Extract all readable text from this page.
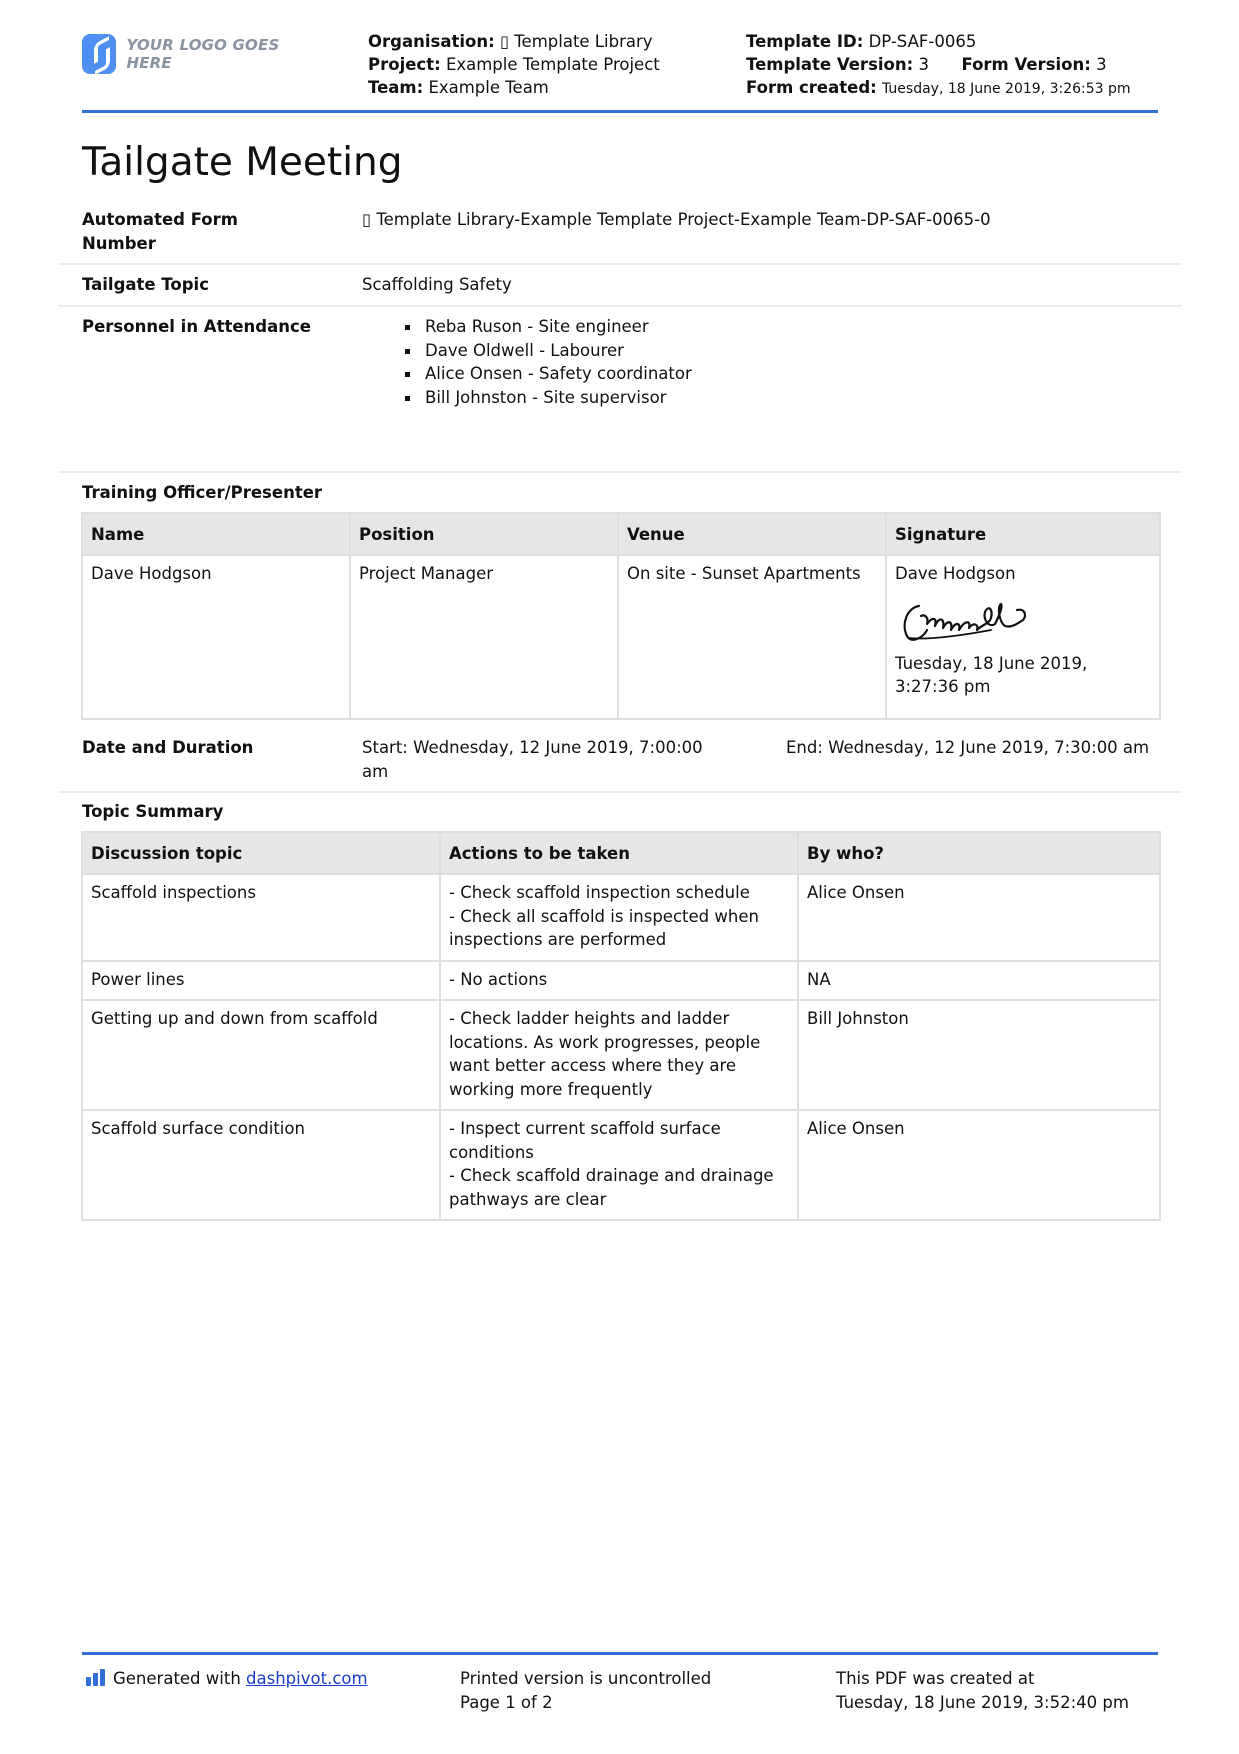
YOUR LOGO GOES HERE
Organisation: ▯ Template Library
Project: Example Template Project
Team: Example Team
Template ID: DP-SAF-0065
Template Version: 3 Form Version: 3
Form created: Tuesday, 18 June 2019, 3:26:53 pm
Tailgate Meeting
Automated Form Number
▯ Template Library-Example Template Project-Example Team-DP-SAF-0065-0
Tailgate Topic	Scaffolding Safety
Personnel in Attendance	Reba Ruson - Site engineer
Dave Oldwell - Labourer
Alice Onsen - Safety coordinator
Bill Johnston - Site supervisor
Training Officer/Presenter
Name	Position	Venue	Signature
Dave Hodgson	Project Manager	On site - Sunset Apartments	Dave Hodgson
Tuesday, 18 June 2019, 3:27:36 pm
Date and Duration	Start: Wednesday, 12 June 2019, 7:00:00 am
End: Wednesday, 12 June 2019, 7:30:00 am
Topic Summary
Discussion topic	Actions to be taken	By who?
Scaffold inspections	- Check scaffold inspection schedule
- Check all scaffold is inspected when inspections are performed	Alice Onsen
Power lines	- No actions	NA
Getting up and down from scaffold	- Check ladder heights and ladder locations. As work progresses, people want better access where they are working more frequently	Bill Johnston
Scaffold surface condition	- Inspect current scaffold surface conditions
- Check scaffold drainage and drainage pathways are clear	Alice Onsen
Generated with dashpivot.com	Printed version is uncontrolled
Page 1 of 2
This PDF was created at
Tuesday, 18 June 2019, 3:52:40 pm
